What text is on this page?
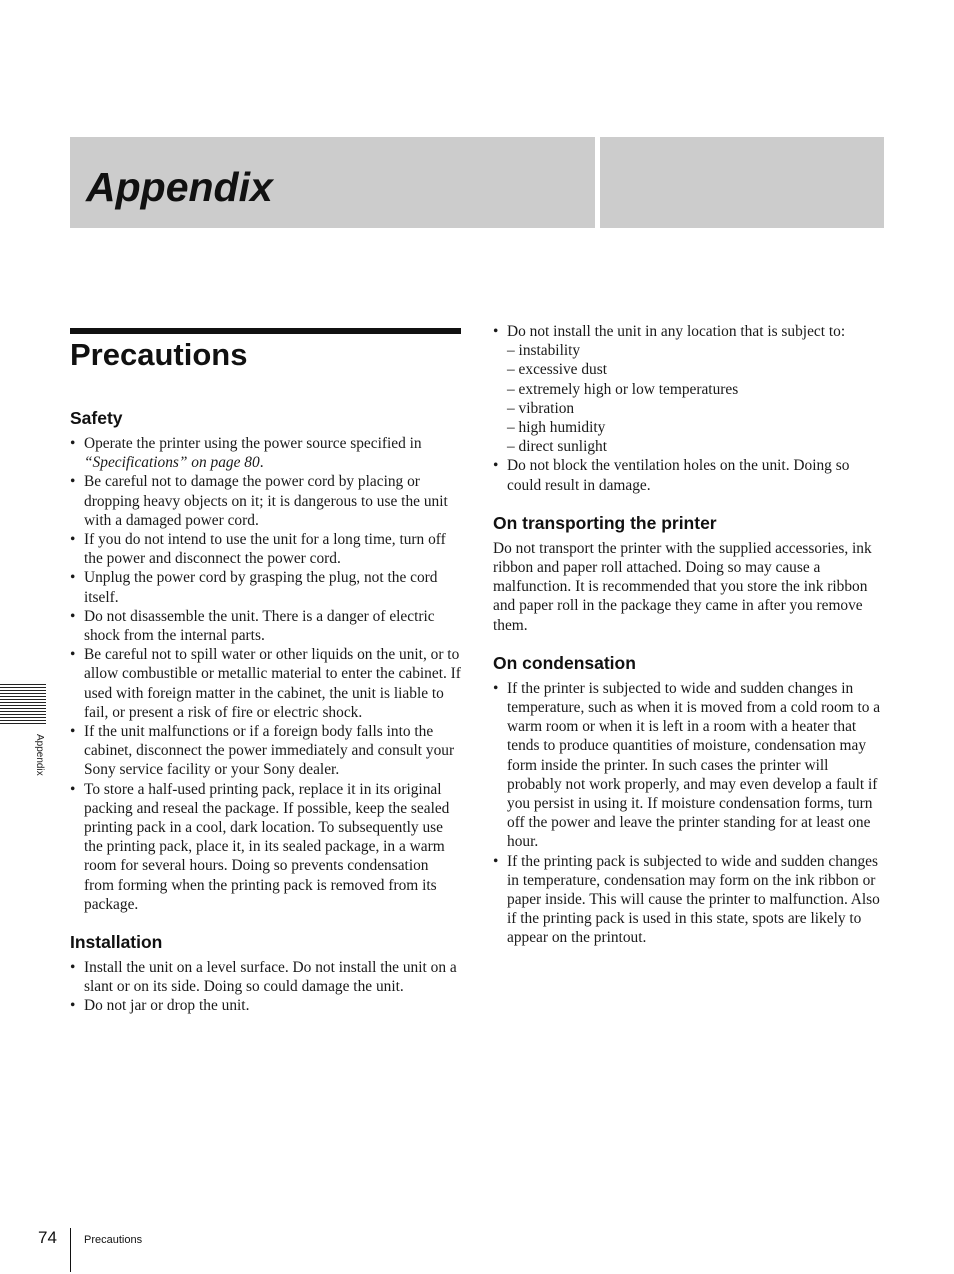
Appendix
Precautions
Safety
• Operate the printer using the power source specified in “Specifications” on page 80.
• Be careful not to damage the power cord by placing or dropping heavy objects on it; it is dangerous to use the unit with a damaged power cord.
• If you do not intend to use the unit for a long time, turn off the power and disconnect the power cord.
• Unplug the power cord by grasping the plug, not the cord itself.
• Do not disassemble the unit. There is a danger of electric shock from the internal parts.
• Be careful not to spill water or other liquids on the unit, or to allow combustible or metallic material to enter the cabinet. If used with foreign matter in the cabinet, the unit is liable to fail, or present a risk of fire or electric shock.
• If the unit malfunctions or if a foreign body falls into the cabinet, disconnect the power immediately and consult your Sony service facility or your Sony dealer.
• To store a half-used printing pack, replace it in its original packing and reseal the package. If possible, keep the sealed printing pack in a cool, dark location. To subsequently use the printing pack, place it, in its sealed package, in a warm room for several hours. Doing so prevents condensation from forming when the printing pack is removed from its package.
Installation
• Install the unit on a level surface. Do not install the unit on a slant or on its side. Doing so could damage the unit.
• Do not jar or drop the unit.
• Do not install the unit in any location that is subject to:
– instability
– excessive dust
– extremely high or low temperatures
– vibration
– high humidity
– direct sunlight
• Do not block the ventilation holes on the unit. Doing so could result in damage.
On transporting the printer

Do not transport the printer with the supplied accessories, ink ribbon and paper roll attached. Doing so may cause a malfunction. It is recommended that you store the ink ribbon and paper roll in the package they came in after you remove them.

On condensation
• If the printer is subjected to wide and sudden changes in temperature, such as when it is moved from a cold room to a warm room or when it is left in a room with a heater that tends to produce quantities of moisture, condensation may form inside the printer. In such cases the printer will probably not work properly, and may even develop a fault if you persist in using it. If moisture condensation forms, turn off the power and leave the printer standing for at least one hour.
• If the printing pack is subjected to wide and sudden changes in temperature, condensation may form on the ink ribbon or paper inside. This will cause the printer to malfunction. Also if the printing pack is used in this state, spots are likely to appear on the printout.
Appendix
74 Precautions
